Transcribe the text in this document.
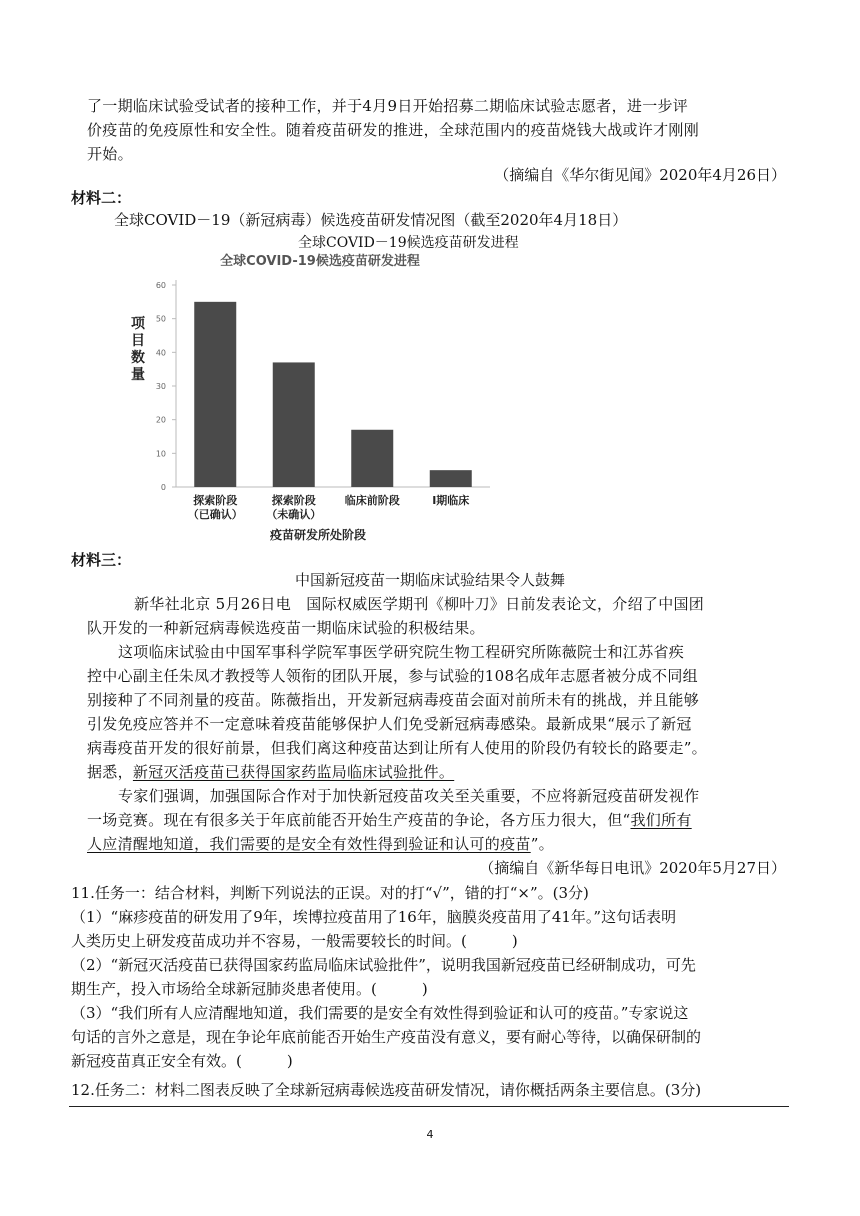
了一期临床试验受试者的接种工作，并于4月9日开始招募二期临床试验志愿者，进一步评
价疫苗的免疫原性和安全性。随着疫苗研发的推进，全球范围内的疫苗烧钱大战或许才刚刚
开始。
（摘编自《华尔街见闻》2020年4月26日）
材料二：
全球COVID－19（新冠病毒）候选疫苗研发情况图（截至2020年4月18日）
全球COVID－19候选疫苗研发进程
全球COVID-19候选疫苗研发进程
项
目
数
量
0
10
20
30
40
50
60
探索阶段
（已确认）
探索阶段
（未确认）
临床前阶段	I期临床
疫苗研发所处阶段
材料三：
中国新冠疫苗一期临床试验结果令人鼓舞
新华社北京 5月26日电　国际权威医学期刊《柳叶刀》日前发表论文，介绍了中国团
队开发的一种新冠病毒候选疫苗一期临床试验的积极结果。
这项临床试验由中国军事科学院军事医学研究院生物工程研究所陈薇院士和江苏省疾
控中心副主任朱凤才教授等人领衔的团队开展，参与试验的108名成年志愿者被分成不同组
别接种了不同剂量的疫苗。陈薇指出，开发新冠病毒疫苗会面对前所未有的挑战，并且能够
引发免疫应答并不一定意味着疫苗能够保护人们免受新冠病毒感染。最新成果“展示了新冠
病毒疫苗开发的很好前景，但我们离这种疫苗达到让所有人使用的阶段仍有较长的路要走”。
据悉，新冠灭活疫苗已获得国家药监局临床试验批件。
专家们强调，加强国际合作对于加快新冠疫苗攻关至关重要，不应将新冠疫苗研发视作
一场竞赛。现在有很多关于年底前能否开始生产疫苗的争论，各方压力很大，但“我们所有
人应清醒地知道，我们需要的是安全有效性得到验证和认可的疫苗”。
（摘编自《新华每日电讯》2020年5月27日）
11.任务一：结合材料，判断下列说法的正误。对的打“√”，错的打“×”。(3分)
（1）“麻疹疫苗的研发用了9年，埃博拉疫苗用了16年，脑膜炎疫苗用了41年。”这句话表明
人类历史上研发疫苗成功并不容易，一般需要较长的时间。(　　　)
（2）“新冠灭活疫苗已获得国家药监局临床试验批件”，说明我国新冠疫苗已经研制成功，可先
期生产，投入市场给全球新冠肺炎患者使用。(　　　)
（3）“我们所有人应清醒地知道，我们需要的是安全有效性得到验证和认可的疫苗。”专家说这
句话的言外之意是，现在争论年底前能否开始生产疫苗没有意义，要有耐心等待，以确保研制的
新冠疫苗真正安全有效。(　　　)
12.任务二：材料二图表反映了全球新冠病毒候选疫苗研发情况，请你概括两条主要信息。(3分)
4
